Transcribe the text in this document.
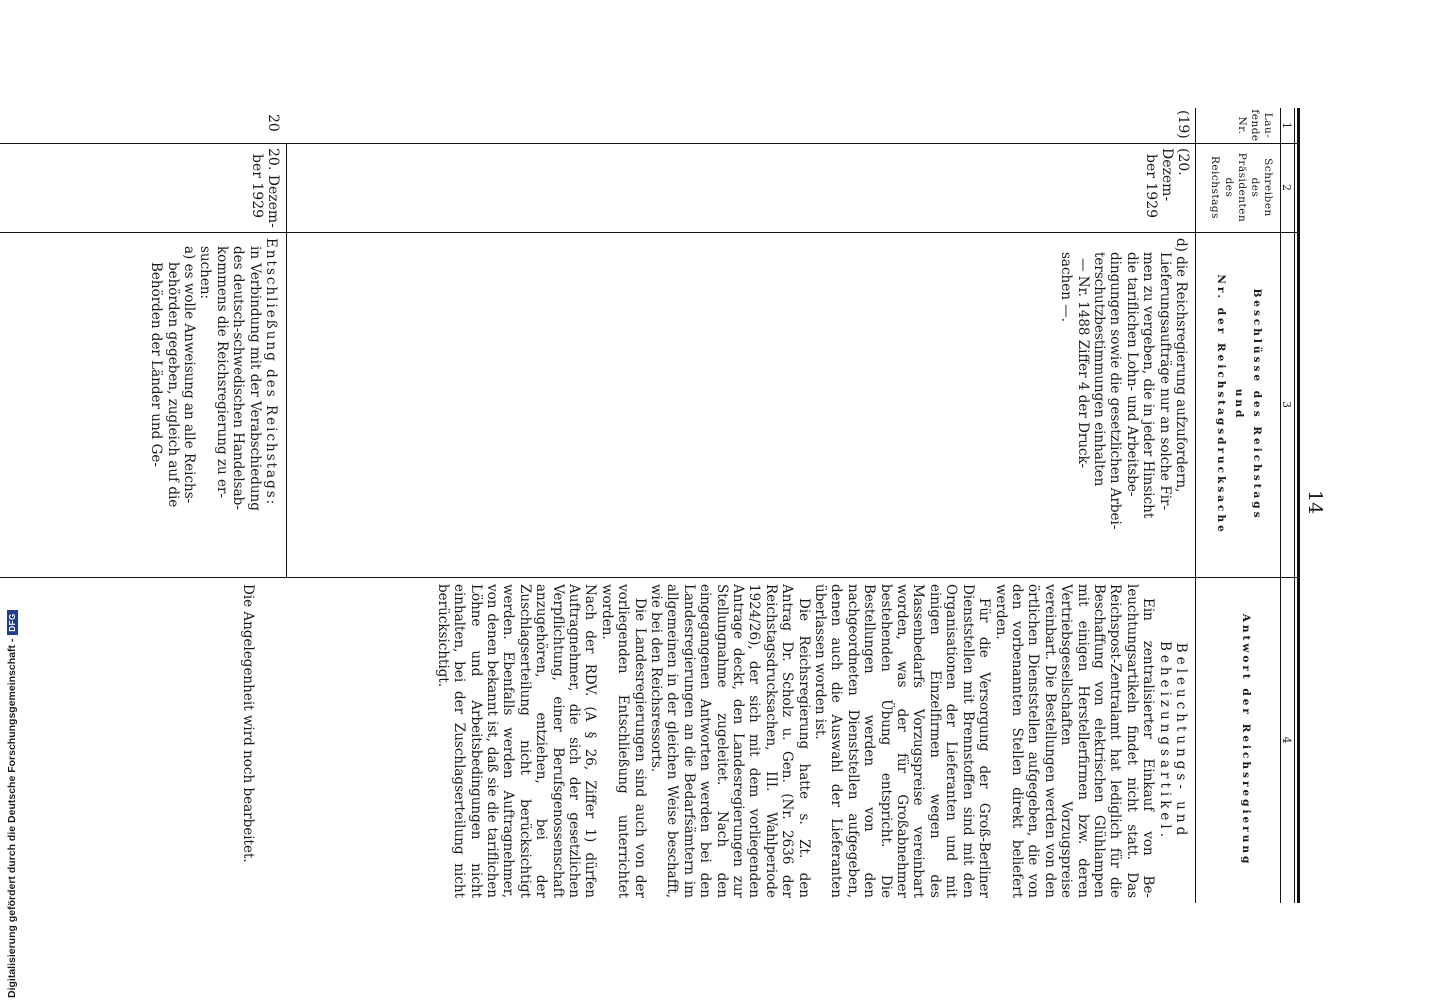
14
1
2
3
4
Lau-
fende
Nr.
Schreiben
des
Präsidenten
des
Reichstags
Beschlüsse des Reichstags
und
Nr. der Reichstagsdrucksache
Antwort der Reichsregierung
(19)
(20. Dezem-
ber 1929

d) die Reichsregierung aufzufordern,

Lieferungsaufträge nur an solche Fir-

men zu vergeben, die in jeder Hinsicht

die tariflichen Lohn- und Arbeitsbe-

dingungen sowie die gesetzlichen Arbei-

terschutzbestimmungen einhalten

— Nr. 1488 Ziffer 4 der Druck-

sachen —.

Beleuchtungs- und
Beheizungsartikel.

Ein zentralisierter Einkauf von Be- leuchtungsartikeln findet nicht statt. Das Reichspost-Zentralamt hat lediglich für die Beschaffung von elektrischen Glühlampen mit einigen Herstellerfirmen bzw. deren Vertriebsgesellschaften Vorzugspreise vereinbart. Die Bestellungen werden von den örtlichen Dienststellen aufgegeben, die von den vorbenannten Stellen direkt beliefert werden.

Für die Versorgung der Groß-Berliner Dienststellen mit Brennstoffen sind mit den Organisationen der Lieferanten und mit einigen Einzelfirmen wegen des Massenbedarfs Vorzugspreise vereinbart worden, was der für Großabnehmer bestehenden Übung entspricht. Die Bestellungen werden von den nachgeordneten Dienststellen aufgegeben, denen auch die Auswahl der Lieferanten überlassen worden ist.

Die Reichsregierung hatte s. Zt. den Antrag Dr. Scholz u. Gen. (Nr. 2636 der Reichstagsdrucksachen, III. Wahlperiode 1924/26), der sich mit dem vorliegenden Antrage deckt, den Landesregierungen zur Stellungnahme zugeleitet. Nach den eingegangenen Antworten werden bei den Landesregierungen an die Bedarfsämtern im allgemeinen in der gleichen Weise beschafft, wie bei den Reichsressorts.

Die Landesregierungen sind auch von der vorliegenden Entschließung unterrichtet worden.

Nach der RDV. (A § 26, Ziffer 1) dürfen Auftragnehmer, die sich der gesetzlichen Verpflichtung, einer Berufsgenossenschaft anzugehören, entziehen, bei der Zuschlagserteilung nicht berücksichtigt werden. Ebenfalls werden Auftragnehmer, von denen bekannt ist, daß sie die tariflichen Löhne und Arbeitsbedingungen nicht einhalten, bei der Zuschlagserteilung nicht berücksichtigt.

20
20. Dezem-
ber 1929

Entschließung des Reichstags:

in Verbindung mit der Verabschiedung

des deutsch-schwedischen Handelsab-

kommens die Reichsregierung zu er-

suchen:

a) es wolle Anweisung an alle Reichs-

behörden gegeben, zugleich auf die

Behörden der Länder und Ge-

Die Angelegenheit wird noch bearbeitet.
Digitalisierung gefördert durch die Deutsche Forschungsgemeinschaft -
DFG
